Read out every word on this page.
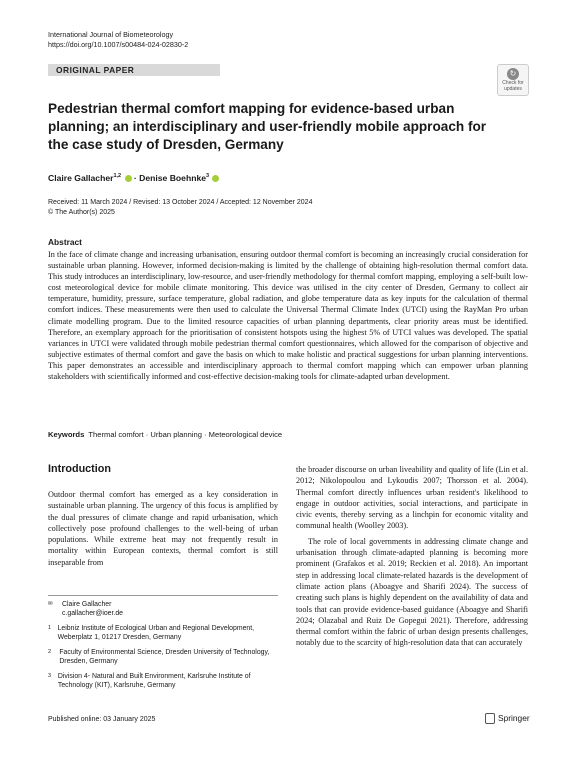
International Journal of Biometeorology
https://doi.org/10.1007/s00484-024-02830-2
ORIGINAL PAPER	↻
Check for
updates
Pedestrian thermal comfort mapping for evidence-based urban planning; an interdisciplinary and user-friendly mobile approach for the case study of Dresden, Germany
Claire Gallacher$^{1,2}$  · Denise Boehnke$^3$
Received: 11 March 2024 / Revised: 13 October 2024 / Accepted: 12 November 2024
© The Author(s) 2025
Abstract
In the face of climate change and increasing urbanisation, ensuring outdoor thermal comfort is becoming an increasingly crucial consideration for sustainable urban planning. However, informed decision-making is limited by the challenge of obtaining high-resolution thermal comfort data. This study introduces an interdisciplinary, low-resource, and user-friendly methodology for thermal comfort mapping, employing a self-built low-cost meteorological device for mobile climate monitoring. This device was utilised in the city center of Dresden, Germany to collect air temperature, humidity, pressure, surface temperature, global radiation, and globe temperature data as key inputs for the calculation of thermal comfort indices. These measurements were then used to calculate the Universal Thermal Climate Index (UTCI) using the RayMan Pro urban climate modelling program. Due to the limited resource capacities of urban planning departments, clear priority areas must be identified. Therefore, an exemplary approach for the prioritisation of consistent hotspots using the highest 5% of UTCI values was developed. The spatial variances in UTCI were validated through mobile pedestrian thermal comfort questionnaires, which allowed for the comparison of objective and subjective estimates of thermal comfort and gave the basis on which to make holistic and practical suggestions for urban planning interventions. This paper demonstrates an accessible and interdisciplinary approach to thermal comfort mapping which can empower urban planning stakeholders with scientifically informed and cost-effective decision-making tools for climate-adapted urban development.
Keywords Thermal comfort · Urban planning · Meteorological device
Introduction
Outdoor thermal comfort has emerged as a key consideration in sustainable urban planning. The urgency of this focus is amplified by the dual pressures of climate change and rapid urbanisation, which collectively pose profound challenges to the well-being of urban populations. While extreme heat may not frequently result in mortality within European contexts, thermal comfort is still inseparable from

the broader discourse on urban liveability and quality of life (Lin et al. 2012; Nikolopoulou and Lykoudis 2007; Thorsson et al. 2004). Thermal comfort directly influences urban resident's likelihood to engage in outdoor activities, social interactions, and participate in civic events, thereby serving as a linchpin for economic vitality and communal health (Woolley 2003).

The role of local governments in addressing climate change and urbanisation through climate-adapted planning is becoming more prominent (Grafakos et al. 2019; Reckien et al. 2018). An important step in addressing local climate-related hazards is the development of climate action plans (Aboagye and Sharifi 2024). The success of creating such plans is highly dependent on the availability of data and tools that can provide evidence-based guidance (Aboagye and Sharifi 2024; Olazabal and Ruiz De Gopegui 2021). Therefore, addressing thermal comfort within the fabric of urban design presents challenges, notably due to the scarcity of high-resolution data that can accurately

✉	Claire Gallacher
c.gallacher@ioer.de
1 Leibniz Institute of Ecological Urban and Regional Development, Weberplatz 1, 01217 Dresden, Germany
2	Faculty of Environmental Science, Dresden University of Technology, Dresden, Germany
3 Division 4- Natural and Built Environment, Karlsruhe Institute of Technology (KIT), Karlsruhe, Germany
Published online: 03 January 2025	Springer
